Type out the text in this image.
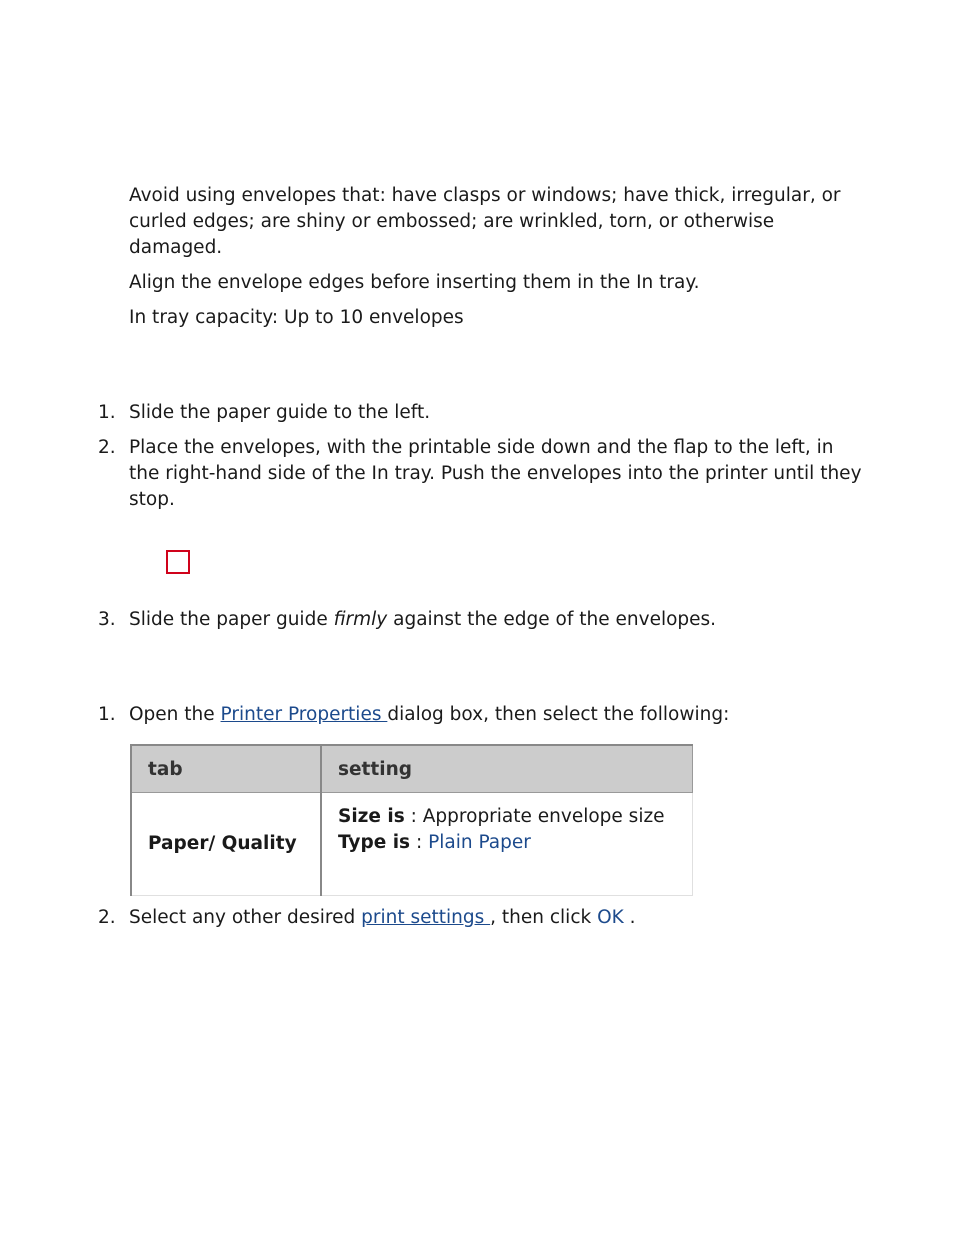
Avoid using envelopes that: have clasps or windows; have thick, irregular, or curled edges; are shiny or embossed; are wrinkled, torn, or otherwise damaged.

Align the envelope edges before inserting them in the In tray.

In tray capacity: Up to 10 envelopes

1. Slide the paper guide to the left.
2. Place the envelopes, with the printable side down and the flap to the left, in the right-hand side of the In tray. Push the envelopes into the printer until they stop.
3. Slide the paper guide firmly against the edge of the envelopes.
1. Open the Printer Properties dialog box, then select the following:
tab	setting
Paper/ Quality	Size is : Appropriate envelope size
Type is : Plain Paper
2. Select any other desired print settings , then click OK .
